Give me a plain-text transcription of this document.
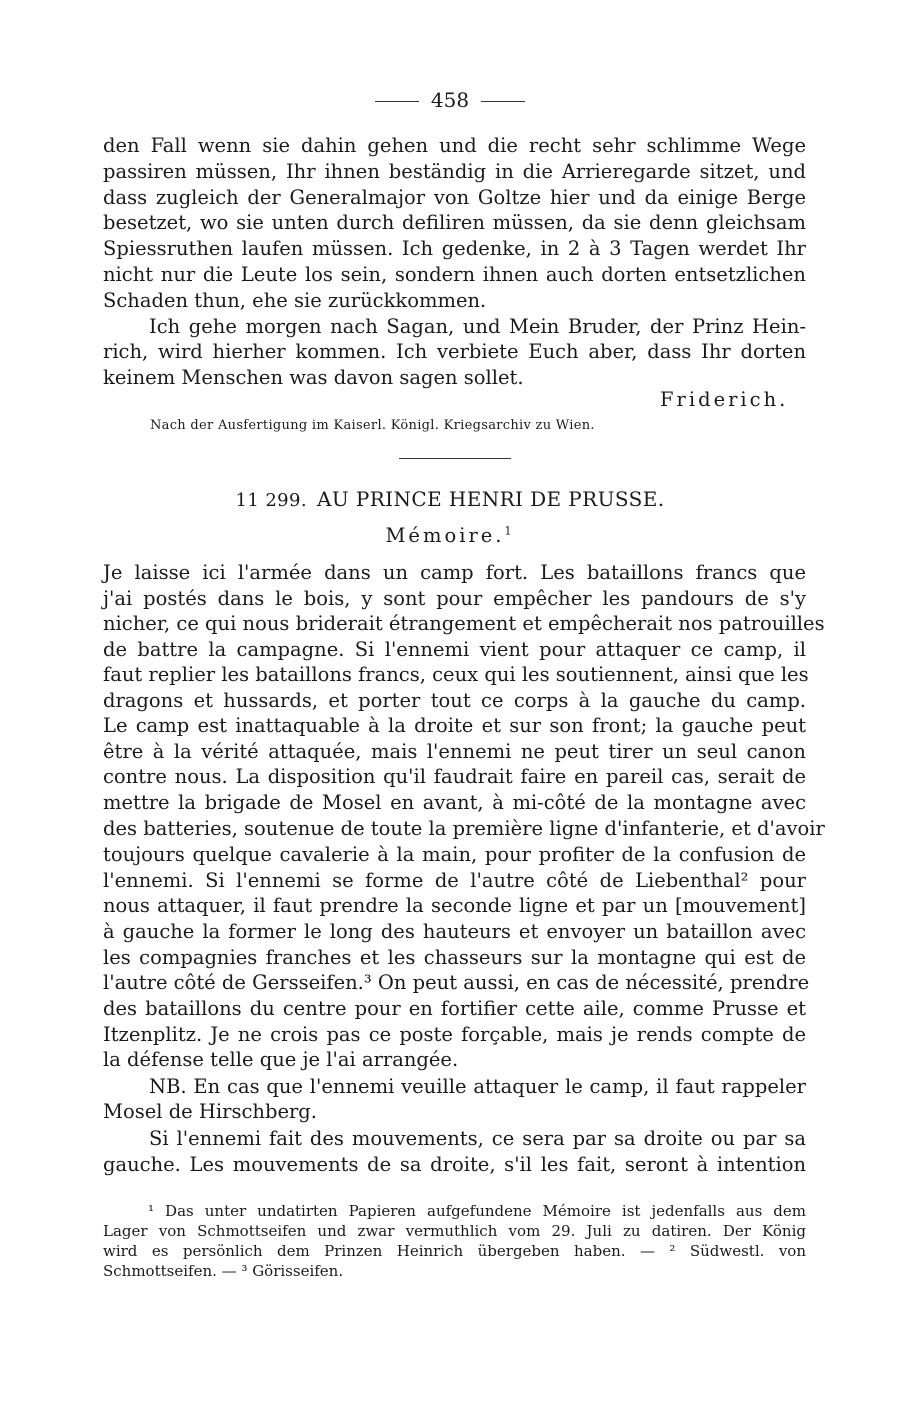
458
den Fall wenn sie dahin gehen und die recht sehr schlimme Wege
passiren müssen, Ihr ihnen beständig in die Arrieregarde sitzet, und
dass zugleich der Generalmajor von Goltze hier und da einige Berge
besetzet, wo sie unten durch defiliren müssen, da sie denn gleichsam
Spiessruthen laufen müssen. Ich gedenke, in 2 à 3 Tagen werdet Ihr
nicht nur die Leute los sein, sondern ihnen auch dorten entsetzlichen
Schaden thun, ehe sie zurückkommen.
Ich gehe morgen nach Sagan, und Mein Bruder, der Prinz Hein-
rich, wird hierher kommen. Ich verbiete Euch aber, dass Ihr dorten
keinem Menschen was davon sagen sollet.
Friderich.
Nach der Ausfertigung im Kaiserl. Königl. Kriegsarchiv zu Wien.
11 299. AU PRINCE HENRI DE PRUSSE.
Mémoire.$^1$
Je laisse ici l'armée dans un camp fort. Les bataillons francs que
j'ai postés dans le bois, y sont pour empêcher les pandours de s'y
nicher, ce qui nous briderait étrangement et empêcherait nos patrouilles
de battre la campagne. Si l'ennemi vient pour attaquer ce camp, il
faut replier les bataillons francs, ceux qui les soutiennent, ainsi que les
dragons et hussards, et porter tout ce corps à la gauche du camp.
Le camp est inattaquable à la droite et sur son front; la gauche peut
être à la vérité attaquée, mais l'ennemi ne peut tirer un seul canon
contre nous. La disposition qu'il faudrait faire en pareil cas, serait de
mettre la brigade de Mosel en avant, à mi-côté de la montagne avec
des batteries, soutenue de toute la première ligne d'infanterie, et d'avoir
toujours quelque cavalerie à la main, pour profiter de la confusion de
l'ennemi. Si l'ennemi se forme de l'autre côté de Liebenthal² pour
nous attaquer, il faut prendre la seconde ligne et par un [mouvement]
à gauche la former le long des hauteurs et envoyer un bataillon avec
les compagnies franches et les chasseurs sur la montagne qui est de
l'autre côté de Gersseifen.³ On peut aussi, en cas de nécessité, prendre
des bataillons du centre pour en fortifier cette aile, comme Prusse et
Itzenplitz. Je ne crois pas ce poste forçable, mais je rends compte de
la défense telle que je l'ai arrangée.
NB. En cas que l'ennemi veuille attaquer le camp, il faut rappeler
Mosel de Hirschberg.
Si l'ennemi fait des mouvements, ce sera par sa droite ou par sa
gauche. Les mouvements de sa droite, s'il les fait, seront à intention
¹ Das unter undatirten Papieren aufgefundene Mémoire ist jedenfalls aus dem
Lager von Schmottseifen und zwar vermuthlich vom 29. Juli zu datiren. Der König
wird es persönlich dem Prinzen Heinrich übergeben haben. — ² Südwestl. von
Schmottseifen. — ³ Görisseifen.
